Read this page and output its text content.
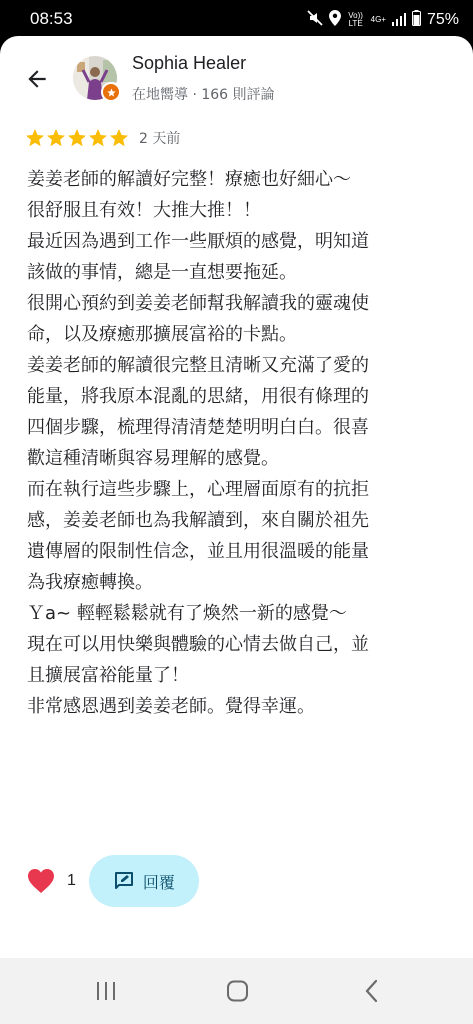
08:53	Vo)) LTE 4G+	75%
Sophia Healer
在地嚮導 · 166 則評論
2 天前

姜姜老師的解讀好完整！療癒也好細心～

很舒服且有效！大推大推！！

最近因為遇到工作一些厭煩的感覺，明知道

該做的事情，總是一直想要拖延。

很開心預約到姜姜老師幫我解讀我的靈魂使

命，以及療癒那擴展富裕的卡點。

姜姜老師的解讀很完整且清晰又充滿了愛的

能量，將我原本混亂的思緒，用很有條理的

四個步驟，梳理得清清楚楚明明白白。很喜

歡這種清晰與容易理解的感覺。

而在執行這些步驟上，心理層面原有的抗拒

感，姜姜老師也為我解讀到，來自關於祖先

遺傳層的限制性信念，並且用很溫暖的能量

為我療癒轉換。

Ｙa~ 輕輕鬆鬆就有了煥然一新的感覺～

現在可以用快樂與體驗的心情去做自己，並

且擴展富裕能量了！

非常感恩遇到姜姜老師。覺得幸運。

1	回覆
